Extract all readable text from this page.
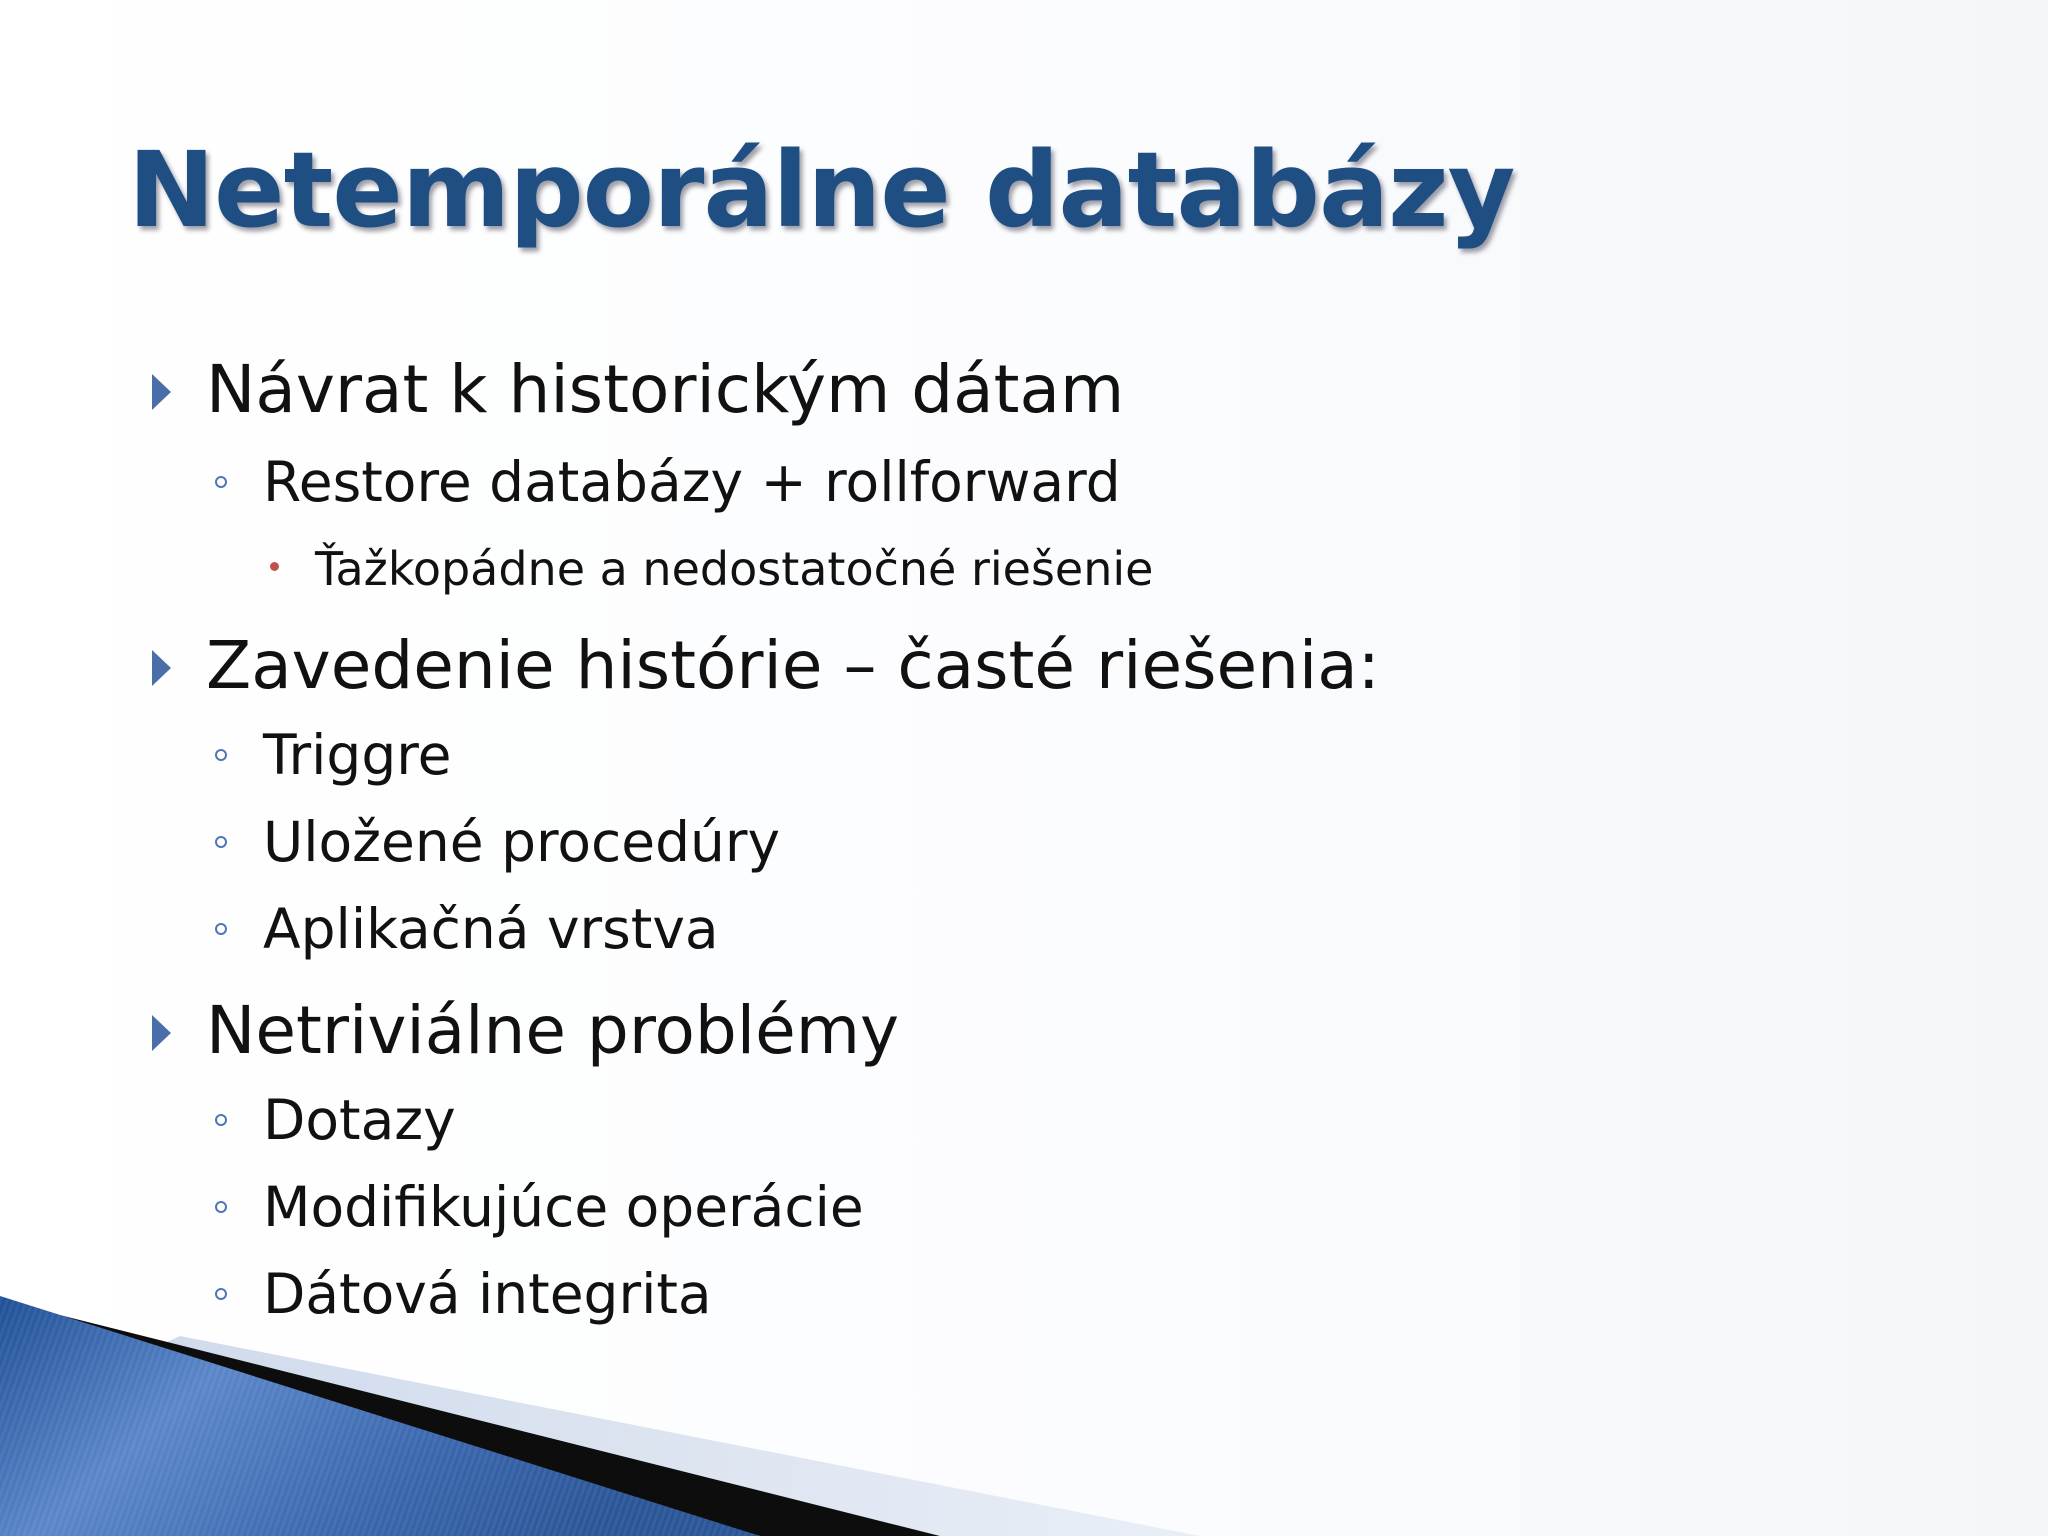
Netemporálne databázy
Návrat k historickým dátam
Restore databázy + rollforward
Ťažkopádne a nedostatočné riešenie
Zavedenie histórie – časté riešenia:
Triggre
Uložené procedúry
Aplikačná vrstva
Netriviálne problémy
Dotazy
Modifikujúce operácie
Dátová integrita
